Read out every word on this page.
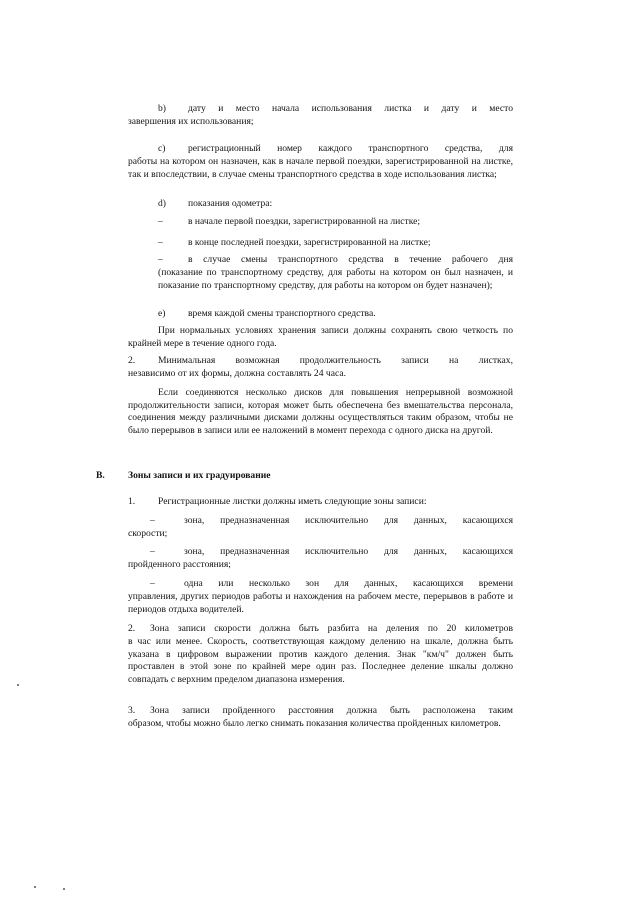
b)	дату и место начала использования листка и дату и место

завершения их использования;

c)	регистрационный номер каждого транспортного средства, для

работы на котором он назначен, как в начале первой поездки, зарегистрированной на листке, так и впоследствии, в случае смены транспортного средства в ходе использования листка;

d)	показания одометра:
–	в начале первой поездки, зарегистрированной на листке;
–	в конце последней поездки, зарегистрированной на листке;
–	в случае смены транспортного средства в течение рабочего дня

(показание по транспортному средству, для работы на котором он был назначен, и показание по транспортному средству, для работы на котором он будет назначен);

e)	время каждой смены транспортного средства.

При нормальных условиях хранения записи должны сохранять свою четкость по крайней мере в течение одного года.

2.	Минимальная возможная продолжительность записи на листках,

независимо от их формы, должна составлять 24 часа.

Если соединяются несколько дисков для повышения непрерывной возможной продолжительности записи, которая может быть обеспечена без вмешательства персонала, соединения между различными дисками должны осуществляться таким образом, чтобы не было перерывов в записи или ее наложений в момент перехода с одного диска на другой.

B.	Зоны записи и их градуирование
1.	Регистрационные листки должны иметь следующие зоны записи:
–	зона, предназначенная исключительно для данных, касающихся

скорости;

–	зона, предназначенная исключительно для данных, касающихся

пройденного расстояния;

–	одна или несколько зон для данных, касающихся времени

управления, других периодов работы и нахождения на рабочем месте, перерывов в работе и периодов отдыха водителей.

2.	Зона записи скорости должна быть разбита на деления по 20 километров

в час или менее. Скорость, соответствующая каждому делению на шкале, должна быть указана в цифровом выражении против каждого деления. Знак "км/ч" должен быть проставлен в этой зоне по крайней мере один раз. Последнее деление шкалы должно совпадать с верхним пределом диапазона измерения.

3.	Зона записи пройденного расстояния должна быть расположена таким

образом, чтобы можно было легко снимать показания количества пройденных километров.
